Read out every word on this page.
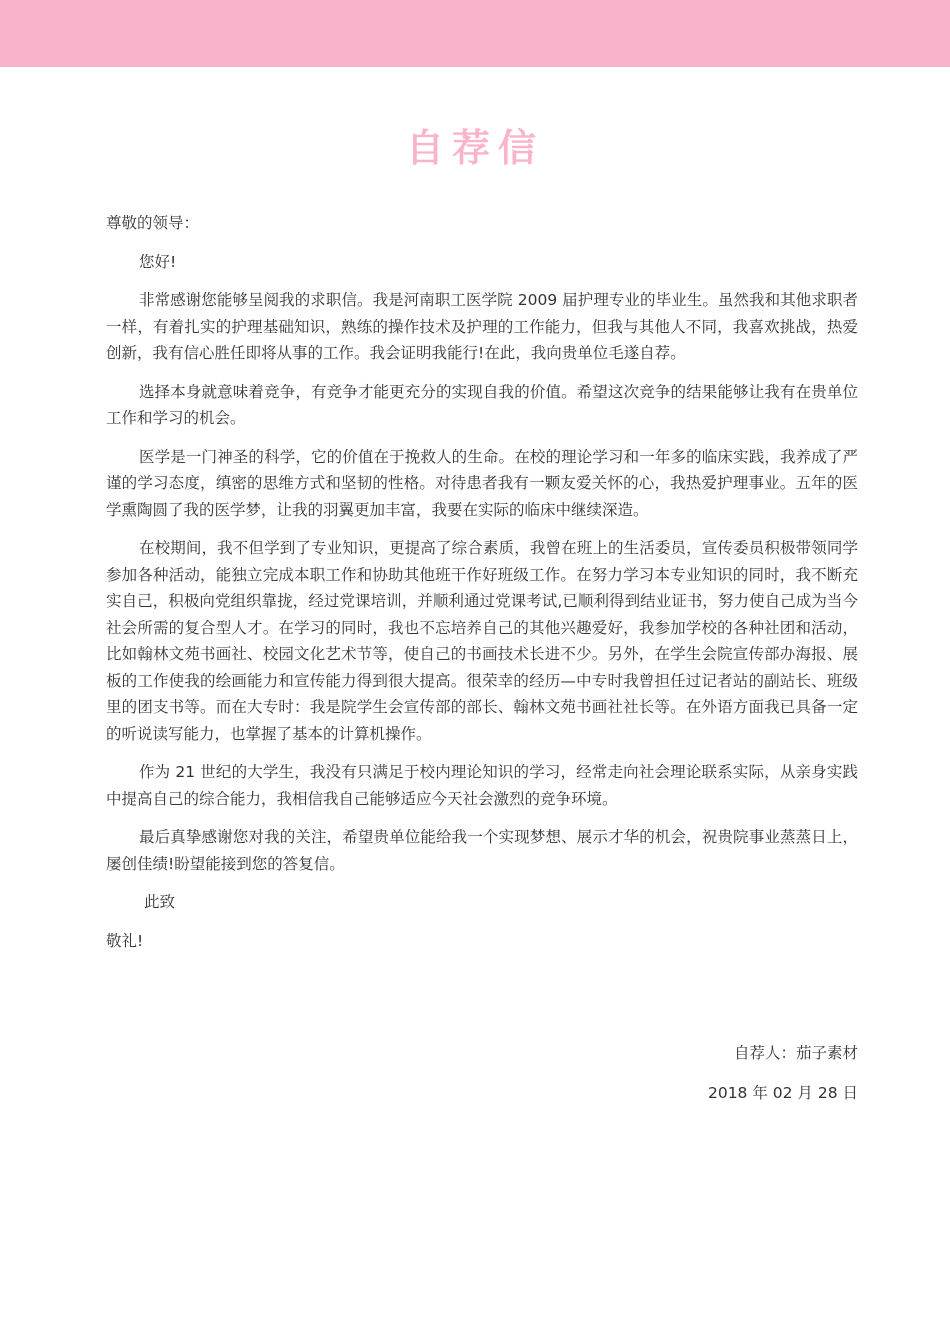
自荐信

尊敬的领导：

您好!

非常感谢您能够呈阅我的求职信。我是河南职工医学院 2009 届护理专业的毕业生。虽然我和其他求职者一样，有着扎实的护理基础知识，熟练的操作技术及护理的工作能力，但我与其他人不同，我喜欢挑战，热爱创新，我有信心胜任即将从事的工作。我会证明我能行!在此，我向贵单位毛遂自荐。

选择本身就意味着竞争，有竞争才能更充分的实现自我的价值。希望这次竞争的结果能够让我有在贵单位工作和学习的机会。

医学是一门神圣的科学，它的价值在于挽救人的生命。在校的理论学习和一年多的临床实践，我养成了严谨的学习态度，缜密的思维方式和坚韧的性格。对待患者我有一颗友爱关怀的心，我热爱护理事业。五年的医学熏陶圆了我的医学梦，让我的羽翼更加丰富，我要在实际的临床中继续深造。

在校期间，我不但学到了专业知识，更提高了综合素质，我曾在班上的生活委员，宣传委员积极带领同学参加各种活动，能独立完成本职工作和协助其他班干作好班级工作。在努力学习本专业知识的同时，我不断充实自己，积极向党组织靠拢，经过党课培训，并顺利通过党课考试,已顺利得到结业证书，努力使自己成为当今社会所需的复合型人才。在学习的同时，我也不忘培养自己的其他兴趣爱好，我参加学校的各种社团和活动，比如翰林文苑书画社、校园文化艺术节等，使自己的书画技术长进不少。另外，在学生会院宣传部办海报、展板的工作使我的绘画能力和宣传能力得到很大提高。很荣幸的经历—中专时我曾担任过记者站的副站长、班级里的团支书等。而在大专时：我是院学生会宣传部的部长、翰林文苑书画社社长等。在外语方面我已具备一定的听说读写能力，也掌握了基本的计算机操作。

作为 21 世纪的大学生，我没有只满足于校内理论知识的学习，经常走向社会理论联系实际，从亲身实践中提高自己的综合能力，我相信我自己能够适应今天社会激烈的竞争环境。

最后真挚感谢您对我的关注，希望贵单位能给我一个实现梦想、展示才华的机会，祝贵院事业蒸蒸日上，屡创佳绩!盼望能接到您的答复信。

此致

敬礼!

自荐人：茄子素材
2018 年 02 月 28 日
